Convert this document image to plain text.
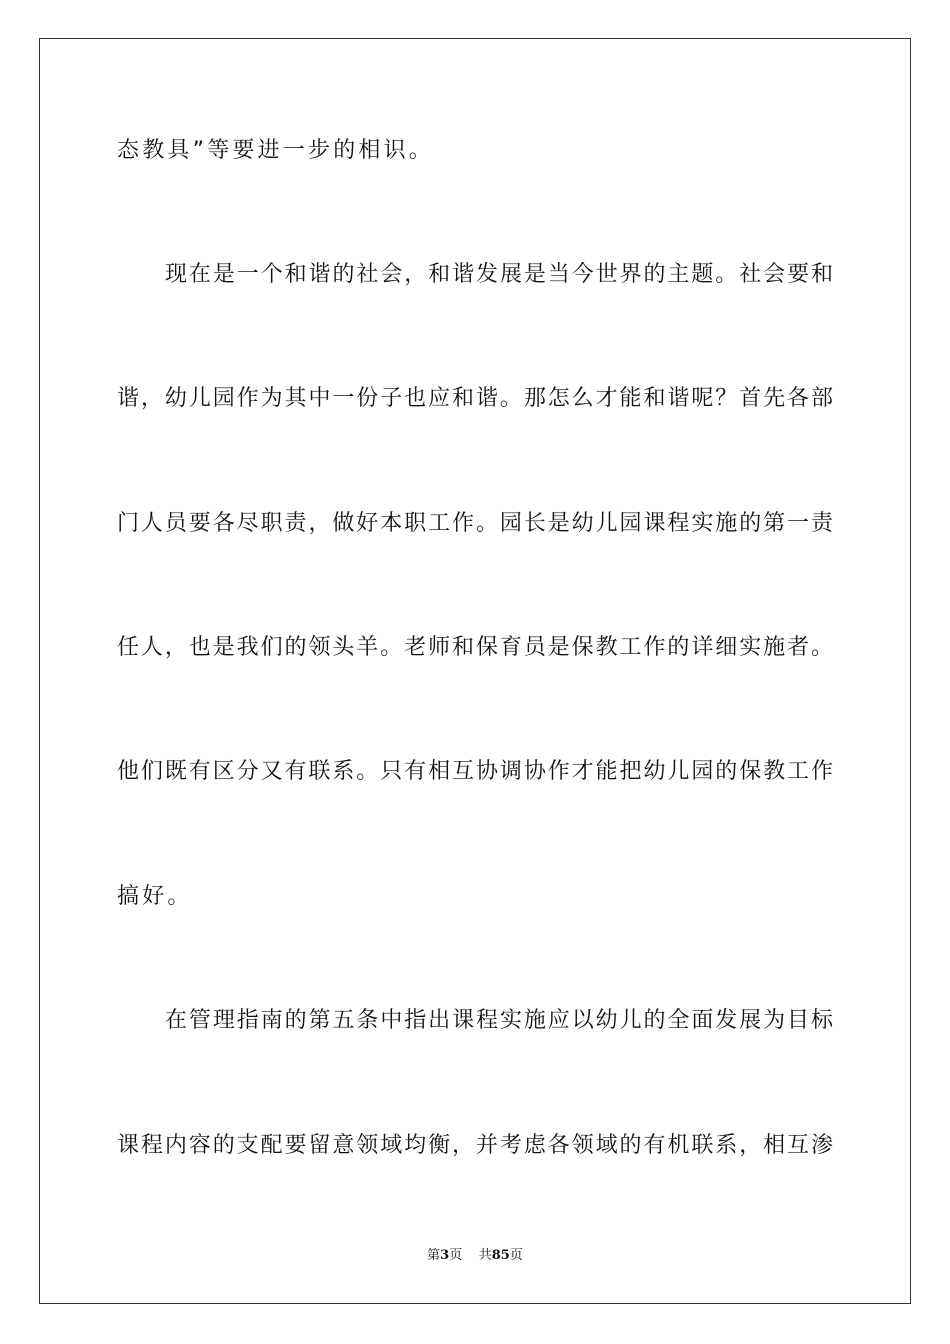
态教具”等要进一步的相识。
现在是一个和谐的社会，和谐发展是当今世界的主题。社会要和
谐，幼儿园作为其中一份子也应和谐。那怎么才能和谐呢？首先各部
门人员要各尽职责，做好本职工作。园长是幼儿园课程实施的第一责
任人，也是我们的领头羊。老师和保育员是保教工作的详细实施者。
他们既有区分又有联系。只有相互协调协作才能把幼儿园的保教工作
搞好。
在管理指南的第五条中指出课程实施应以幼儿的全面发展为目标
课程内容的支配要留意领域均衡，并考虑各领域的有机联系，相互渗
第3页 共85页
